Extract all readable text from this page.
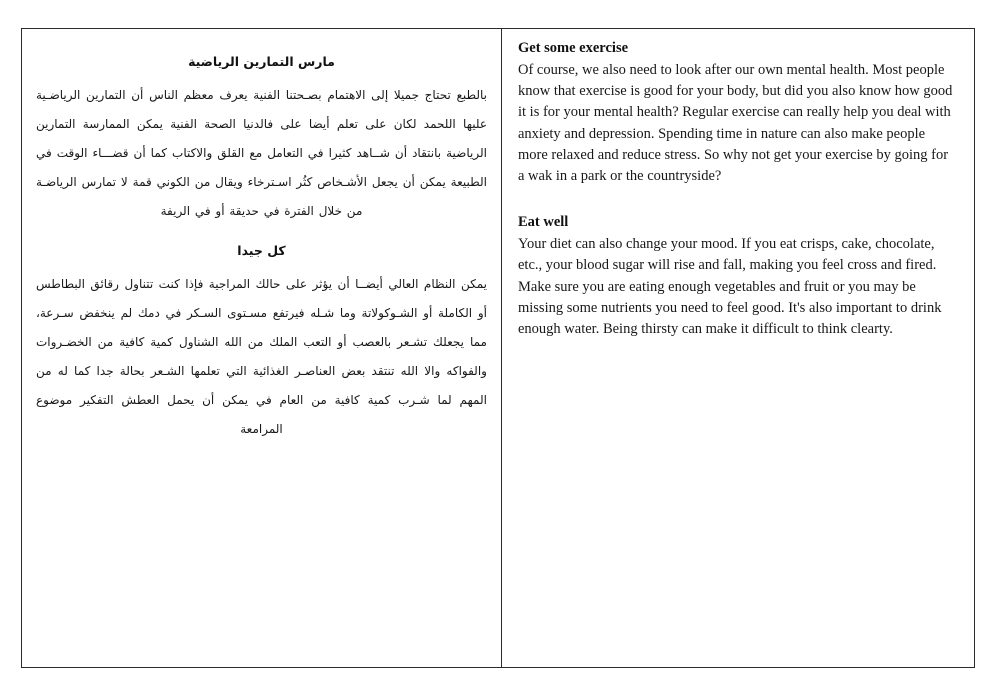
مارس التمارين الرياضية

بالطبع تحتاج جميلا إلى الاهتمام بصـحتنا الفنية يعرف معظم الناس أن التمارين الرياضـية عليها اللحمد لكان على تعلم أيضا على فالدنيا الصحة الفنية يمكن الممارسة التمارين الرياضية بانتقاد أن شــاهد كثيرا في التعامل مع القلق والاكتاب كما أن قضـــاء الوقت في الطبيعة يمكن أن يجعل الأشـخاص كثُر اسـترخاء ويقال من الكوني قمة لا تمارس الرياضـة من خلال الفترة في حديقة أو في الريفة

كل جيدا

يمكن النظام العالي أيضــا أن يؤثر على حالك المراجية فإذا كنت تتناول رقائق البطاطس أو الكاملة أو الشـوكولاتة وما شـله فيرتفع مسـتوى السـكر في دمك لم ينخفض سـرعة، مما يجعلك تشـعر بالعصب أو التعب الملك من الله الشناول كمية كافية من الخضـروات والفواكه والا الله تنتقد بعض العناصـر الغذائية التي تعلمها الشـعر بحالة جدا كما له من المهم لما شـرب كمية كافية من العام في يمكن أن يحمل العطش التفكير موضوع المرامعة

Get some exercise

Of course, we also need to look after our own mental health. Most people know that exercise is good for your body, but did you also know how good it is for your mental health? Regular exercise can really help you deal with anxiety and depression. Spending time in nature can also make people more relaxed and reduce stress. So why not get your exercise by going for a wak in a park or the countryside?

Eat well

Your diet can also change your mood. If you eat crisps, cake, chocolate, etc., your blood sugar will rise and fall, making you feel cross and fired. Make sure you are eating enough vegetables and fruit or you may be missing some nutrients you need to feel good. It's also important to drink enough water. Being thirsty can make it difficult to think clearty.
